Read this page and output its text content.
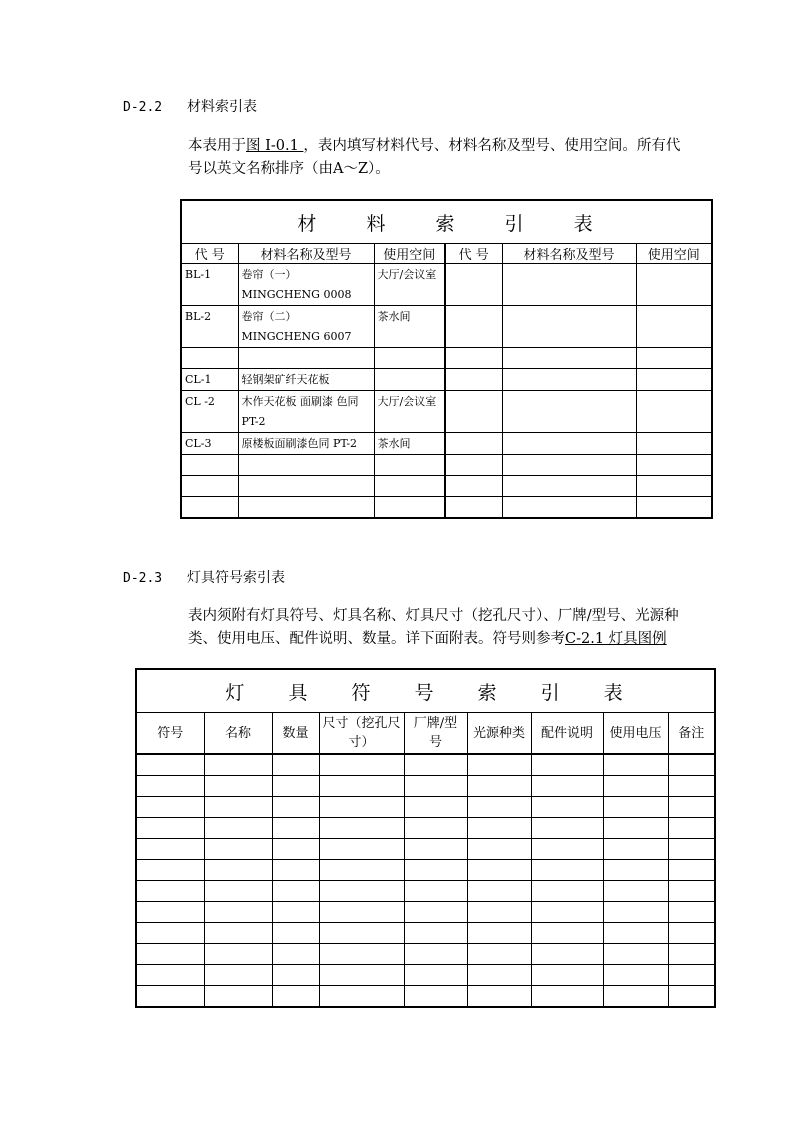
D-2.2 材料索引表
本表用于图 I-0.1 ，表内填写材料代号、材料名称及型号、使用空间。所有代
号以英文名称排序（由A～Z）。
材 料 索 引 表					
代 号	材料名称及型号	使用空间	代 号	材料名称及型号	使用空间
BL-1	卷帘（一）MINGCHENG 0008	大厅/会议室			
BL-2	卷帘（二）MINGCHENG 6007	茶水间			

CL-1	轻钢架矿纤天花板				
CL -2	木作天花板 面刷漆 色同PT-2	大厅/会议室			
CL-3	原楼板面刷漆色同 PT-2	茶水间			

D-2.3 灯具符号索引表
表内须附有灯具符号、灯具名称、灯具尺寸（挖孔尺寸）、厂牌/型号、光源种
类、使用电压、配件说明、数量。详下面附表。符号则参考C-2.1 灯具图例
灯 具 符 号 索 引 表								
符号	名称	数量	尺寸（挖孔尺寸）	厂牌/型号	光源种类	配件说明	使用电压	备注
